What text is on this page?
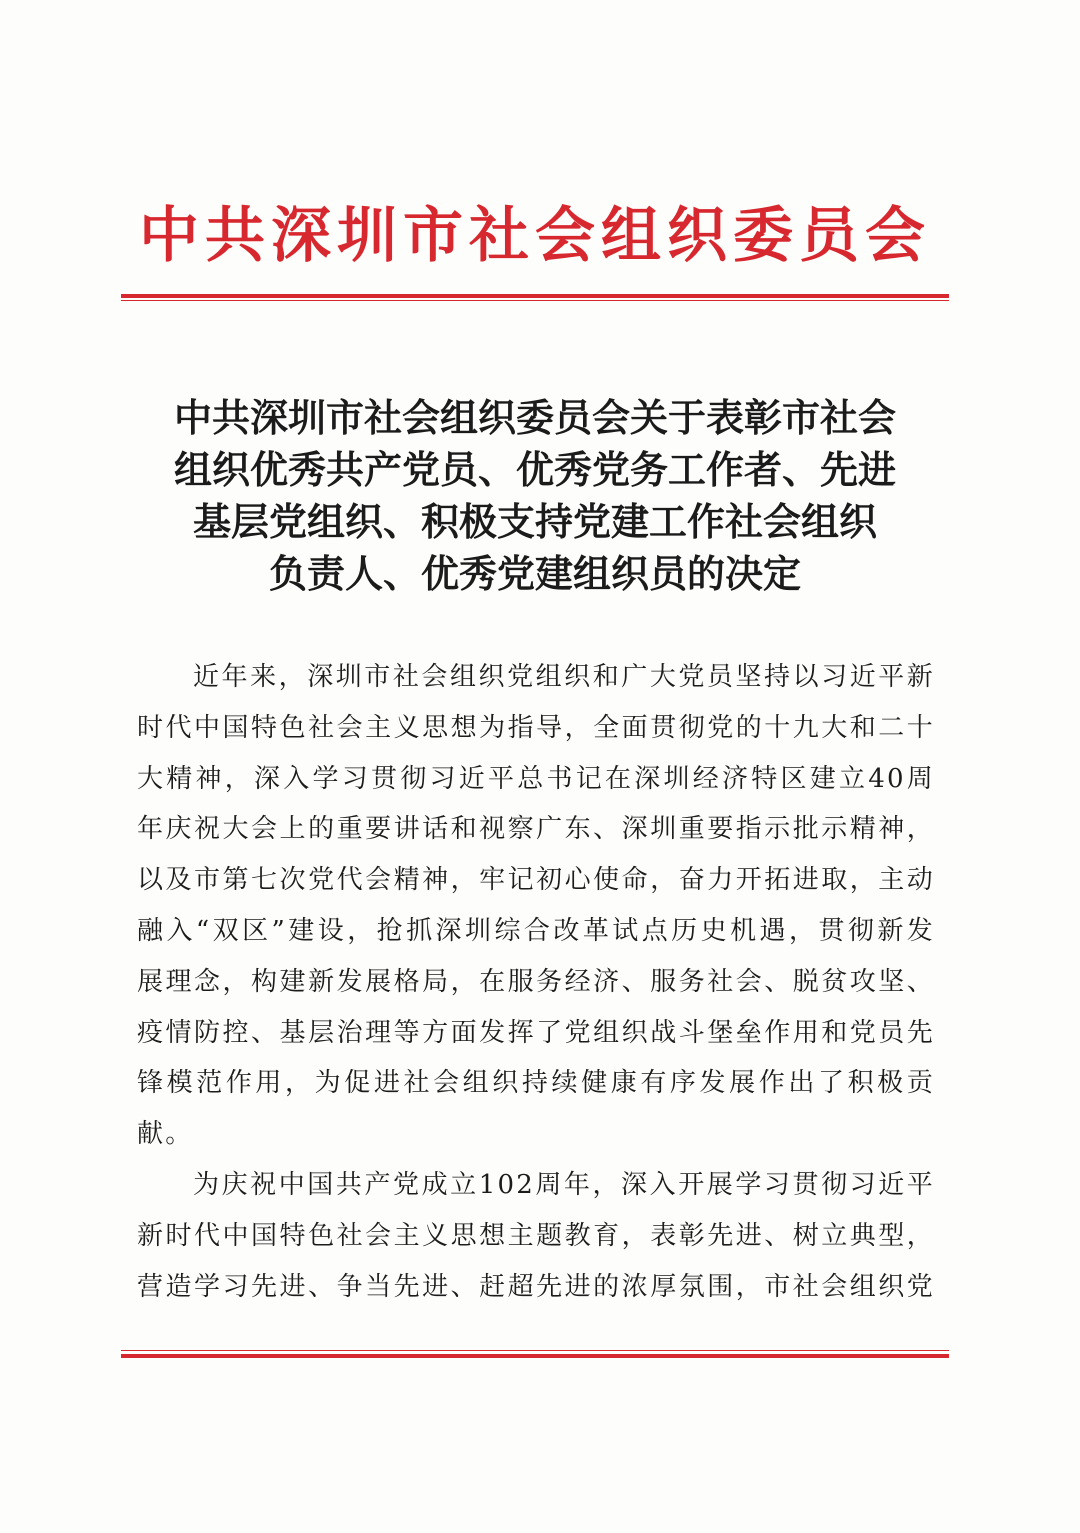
中共深圳市社会组织委员会
中共深圳市社会组织委员会关于表彰市社会
组织优秀共产党员、优秀党务工作者、先进
基层党组织、积极支持党建工作社会组织
负责人、优秀党建组织员的决定
近年来，深圳市社会组织党组织和广大党员坚持以习近平新
时代中国特色社会主义思想为指导，全面贯彻党的十九大和二十
大精神，深入学习贯彻习近平总书记在深圳经济特区建立40周
年庆祝大会上的重要讲话和视察广东、深圳重要指示批示精神，
以及市第七次党代会精神，牢记初心使命，奋力开拓进取，主动
融入“双区”建设，抢抓深圳综合改革试点历史机遇，贯彻新发
展理念，构建新发展格局，在服务经济、服务社会、脱贫攻坚、
疫情防控、基层治理等方面发挥了党组织战斗堡垒作用和党员先
锋模范作用，为促进社会组织持续健康有序发展作出了积极贡
献。
为庆祝中国共产党成立102周年，深入开展学习贯彻习近平
新时代中国特色社会主义思想主题教育，表彰先进、树立典型，
营造学习先进、争当先进、赶超先进的浓厚氛围，市社会组织党
